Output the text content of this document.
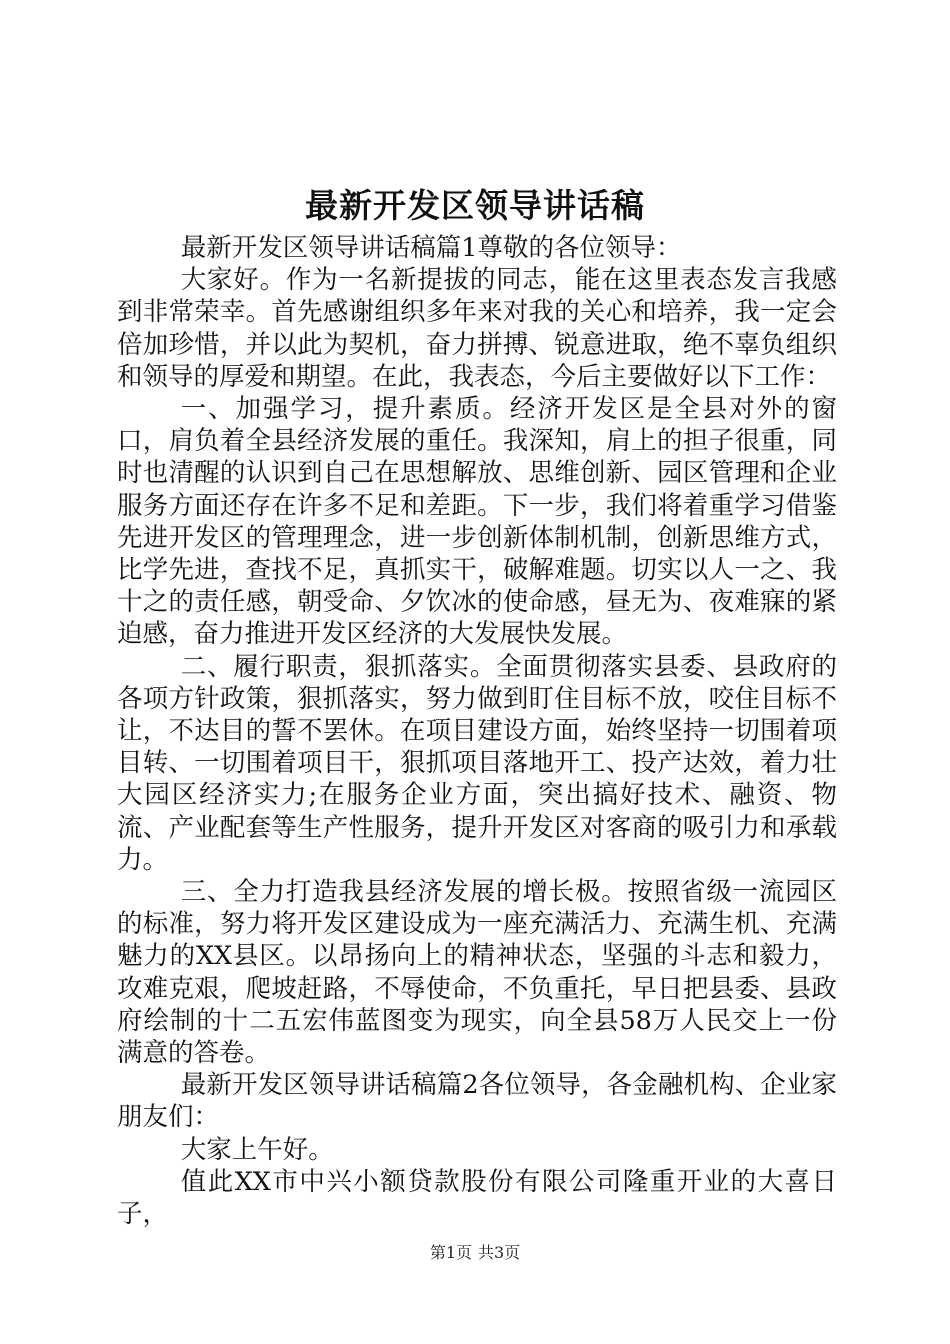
最新开发区领导讲话稿

最新开发区领导讲话稿篇1尊敬的各位领导：

大家好。作为一名新提拔的同志，能在这里表态发言我感到非常荣幸。首先感谢组织多年来对我的关心和培养，我一定会倍加珍惜，并以此为契机，奋力拼搏、锐意进取，绝不辜负组织和领导的厚爱和期望。在此，我表态，今后主要做好以下工作：

一、加强学习，提升素质。经济开发区是全县对外的窗口，肩负着全县经济发展的重任。我深知，肩上的担子很重，同时也清醒的认识到自己在思想解放、思维创新、园区管理和企业服务方面还存在许多不足和差距。下一步，我们将着重学习借鉴先进开发区的管理理念，进一步创新体制机制，创新思维方式，比学先进，查找不足，真抓实干，破解难题。切实以人一之、我十之的责任感，朝受命、夕饮冰的使命感，昼无为、夜难寐的紧迫感，奋力推进开发区经济的大发展快发展。

二、履行职责，狠抓落实。全面贯彻落实县委、县政府的各项方针政策，狠抓落实，努力做到盯住目标不放，咬住目标不让，不达目的誓不罢休。在项目建设方面，始终坚持一切围着项目转、一切围着项目干，狠抓项目落地开工、投产达效，着力壮大园区经济实力;在服务企业方面，突出搞好技术、融资、物流、产业配套等生产性服务，提升开发区对客商的吸引力和承载力。

三、全力打造我县经济发展的增长极。按照省级一流园区的标准，努力将开发区建设成为一座充满活力、充满生机、充满魅力的XX县区。以昂扬向上的精神状态，坚强的斗志和毅力，攻难克艰，爬坡赶路，不辱使命，不负重托，早日把县委、县政府绘制的十二五宏伟蓝图变为现实，向全县58万人民交上一份满意的答卷。

最新开发区领导讲话稿篇2各位领导，各金融机构、企业家朋友们：

大家上午好。

值此XX市中兴小额贷款股份有限公司隆重开业的大喜日子，

第1页 共3页
